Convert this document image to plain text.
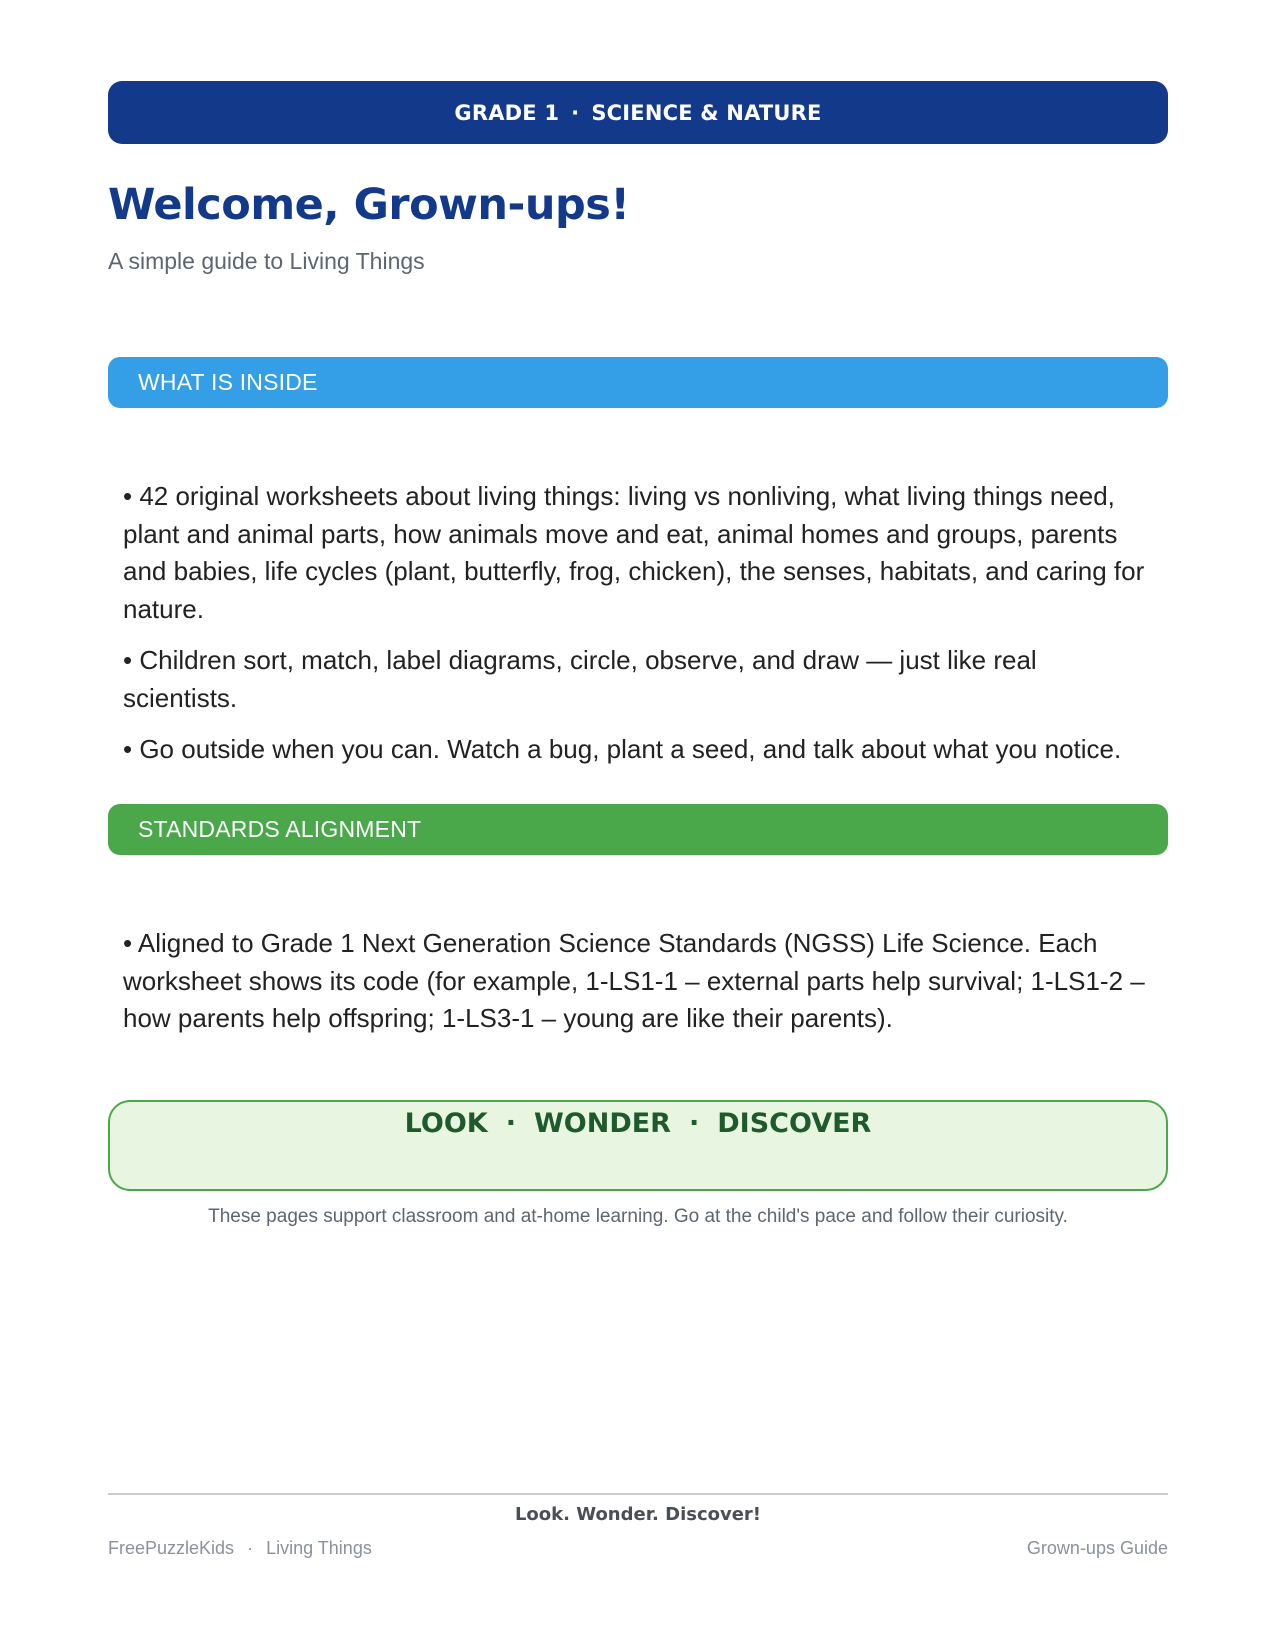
GRADE 1 · SCIENCE & NATURE
Welcome, Grown-ups!
A simple guide to Living Things
WHAT IS INSIDE
• 42 original worksheets about living things: living vs nonliving, what living things need, plant and animal parts, how animals move and eat, animal homes and groups, parents and babies, life cycles (plant, butterfly, frog, chicken), the senses, habitats, and caring for nature.
• Children sort, match, label diagrams, circle, observe, and draw — just like real scientists.
• Go outside when you can. Watch a bug, plant a seed, and talk about what you notice.
STANDARDS ALIGNMENT
• Aligned to Grade 1 Next Generation Science Standards (NGSS) Life Science. Each worksheet shows its code (for example, 1-LS1-1 – external parts help survival; 1-LS1-2 – how parents help offspring; 1-LS3-1 – young are like their parents).
LOOK · WONDER · DISCOVER
These pages support classroom and at-home learning. Go at the child's pace and follow their curiosity.
Look. Wonder. Discover!
FreePuzzleKids · Living Things	Grown-ups Guide
